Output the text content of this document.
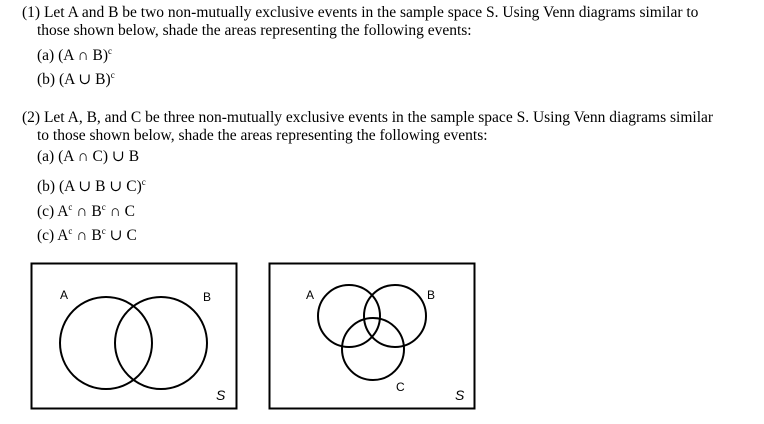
(1) Let A and B be two non-mutually exclusive events in the sample space S. Using Venn diagrams similar to
those shown below, shade the areas representing the following events:
(a) (A ∩ B)$^c$
(b) (A ∪ B)$^c$
(2) Let A, B, and C be three non-mutually exclusive events in the sample space S. Using Venn diagrams similar
to those shown below, shade the areas representing the following events:
(a) (A ∩ C) ∪ B
(b) (A ∪ B ∪ C)$^c$
(c) $A^c$ ∩ $B^c$ ∩ C
(c) $A^c$ ∩ $B^c$ ∪ C
A	B
S
A	B
C	S
